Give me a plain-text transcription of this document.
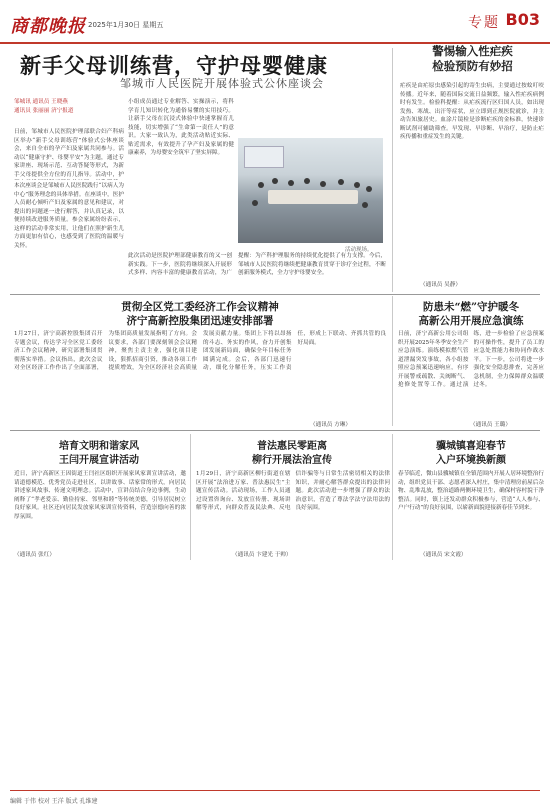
商都晚报 2025年1月30日 星期五	专题 B03
新手父母训练营，守护母婴健康
邹城市人民医院开展体验式公休座谈会
邹城讯 通讯员 王晓燕
通讯员 张丽丽 济宁报道
日前，邹城市人民医院护理部联合妇产科病区举办“新手父母训练营”体验式公休座谈会，来自全市的孕产妇及家属共同参与。活动以“健康守护、母婴平安”为主题，通过专家讲座、现场示范、互动答疑等形式，为新手父母提供全方位的育儿指导。活动中，护
本次座谈会是邹城市人民医院践行“以病人为中心”服务理念的具体举措。在座谈中，医护人员耐心倾听产妇及家属的意见和建议，对提出的问题逐一进行解答，并认真记录，以便持续改进服务质量。参会家属纷纷表示，这样的活动非常实用，让他们在照护新生儿方面更加有信心，也感受到了医院的温暖与关怀。
小组成员通过专业解答、实操演示，将科学育儿知识转化为通俗易懂的实用技巧。让新手父母在沉浸式体验中快速掌握育儿技能，切实增强了“生命第一责任人”的意识。大家一致认为，此类活动贴近实际、贴近需求，有效提升了孕产妇及家属的健康素养，为母婴安全筑牢了坚实屏障。
活动现场。
此次活动是医院护理部健康教育的又一创新实践。下一步，医院将继续深入开展形式多样、内容丰富的健康教育活动，为广
提醒：为产科护理服务的持续优化提供了有力支撑。今后，邹城市人民医院将继续把健康教育贯穿于诊疗全过程，不断创新服务模式，全力守护母婴安全。
警惕输入性疟疾
检验预防有妙招
疟疾是由疟原虫感染引起的寄生虫病，主要通过按蚊叮咬传播。近年来，随着国际交流日益频繁，输入性疟疾病例时有发生。检验科提醒：从疟疾流行区归国人员，如出现发热、寒战、出汗等症状，应立即到正规医院就诊，并主动告知旅居史。血涂片镜检是诊断疟疾的金标准，快速诊断试剂可辅助筛查。早发现、早诊断、早治疗，是防止疟疾传播和重症发生的关键。
（通讯员 吴静）
贯彻全区党工委经济工作会议精神
济宁高新控股集团迅速安排部署
1月27日，济宁高新控股集团召开专题会议，传达学习全区党工委经济工作会议精神，研究部署集团贯彻落实举措。会议指出，此次会议对全区经济工作作出了全面部署，为集团高质量发展指明了方向。会议要求，各部门要深刻领会会议精神，聚焦主责主业，强化项目建设，狠抓招商引资，推动各项工作提质增效，为全区经济社会高质量发展贡献力量。集团上下将以昂扬的斗志、务实的作风，奋力开创集团发展新局面，确保全年目标任务圆满完成。会后，各部门迅速行动，细化分解任务，压实工作责任，形成上下联动、齐抓共管的良好局面。
（通讯员 方琳）
防患未“燃”守护暖冬
高新公用开展应急演练
日前，济宁高新公用公司组织开展2025年冬季安全生产应急演练。演练模拟燃气管道泄漏突发事故，各小组按照应急预案迅速响应，有序开展警戒疏散、关阀断气、抢修处置等工作。通过演练，进一步检验了应急预案的可操作性，提升了员工的应急处置能力和协同作战水平。下一步，公司将进一步强化安全隐患排查，完善应急机制，全力保障群众温暖过冬。
（通讯员 王璐）
培育文明和谐家风
王闫开展宣讲活动
近日，济宁高新区王因街道王闫社区组织开展家风家训宣讲活动，邀请道德模范、优秀党员走进社区，以讲故事、话家常的形式，向居民讲述家风故事、传递文明理念。活动中，宣讲员结合身边事例，生动阐释了“孝老爱亲、勤俭持家、邻里和睦”等传统美德，引导居民树立良好家风。社区还向居民发放家风家训宣传资料，营造崇德向善的浓厚氛围。
（通讯员 张红）
普法惠民零距离
柳行开展法治宣传
1月29日，济宁高新区柳行街道在辖区开展“法治进万家、普法惠民生”主题宣传活动。活动现场，工作人员通过设置咨询台、发放宣传册、现场讲解等形式，向群众普及民法典、反电信诈骗等与日常生活密切相关的法律知识，并耐心解答群众提出的法律问题。此次活动进一步增强了群众的法治意识，营造了尊法学法守法用法的良好氛围。
（通讯员 卞建光 于帅）
骥城镇喜迎春节
入户环境换新颜
春节临近，微山县骥城镇在全镇范围内开展人居环境整治行动，组织党员干部、志愿者深入村庄，集中清理房前屋后杂物、乱堆乱放，整治道路两侧环境卫生，确保村容村貌干净整洁。同时，镇上还发动群众积极参与，营造“人人参与、户户行动”的良好氛围，以崭新面貌迎接新春佳节到来。
（通讯员 宋文霞）
编辑 于伟 校对 王洋 版式 孔维建
